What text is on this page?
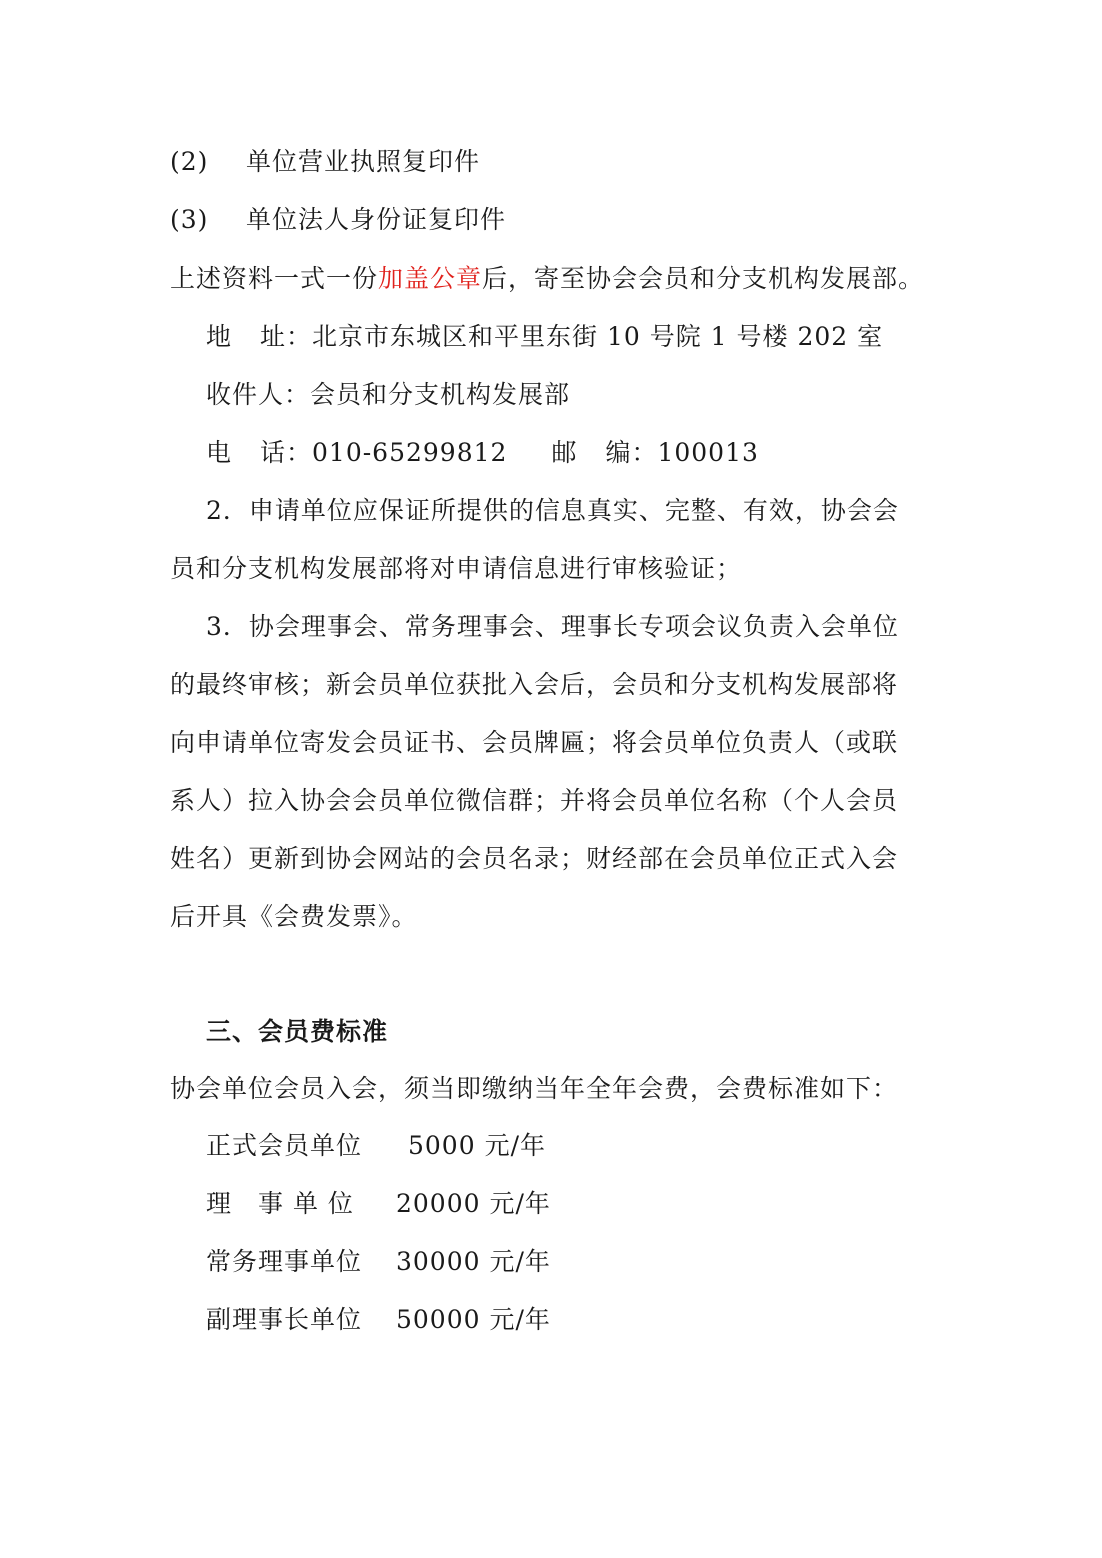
(2) 单位营业执照复印件
(3) 单位法人身份证复印件
上述资料一式一份加盖公章后，寄至协会会员和分支机构发展部。
地 址：北京市东城区和平里东街 10 号院 1 号楼 202 室
收件人：会员和分支机构发展部
电 话：010-65299812 邮 编：100013
2．申请单位应保证所提供的信息真实、完整、有效，协会会
员和分支机构发展部将对申请信息进行审核验证；
3．协会理事会、常务理事会、理事长专项会议负责入会单位
的最终审核；新会员单位获批入会后，会员和分支机构发展部将
向申请单位寄发会员证书、会员牌匾；将会员单位负责人（或联
系人）拉入协会会员单位微信群；并将会员单位名称（个人会员
姓名）更新到协会网站的会员名录；财经部在会员单位正式入会
后开具《会费发票》。
三、会员费标准
协会单位会员入会，须当即缴纳当年全年会费，会费标准如下：
正式会员单位 5000 元/年
理　事 单 位 20000 元/年
常务理事单位 30000 元/年
副理事长单位 50000 元/年
